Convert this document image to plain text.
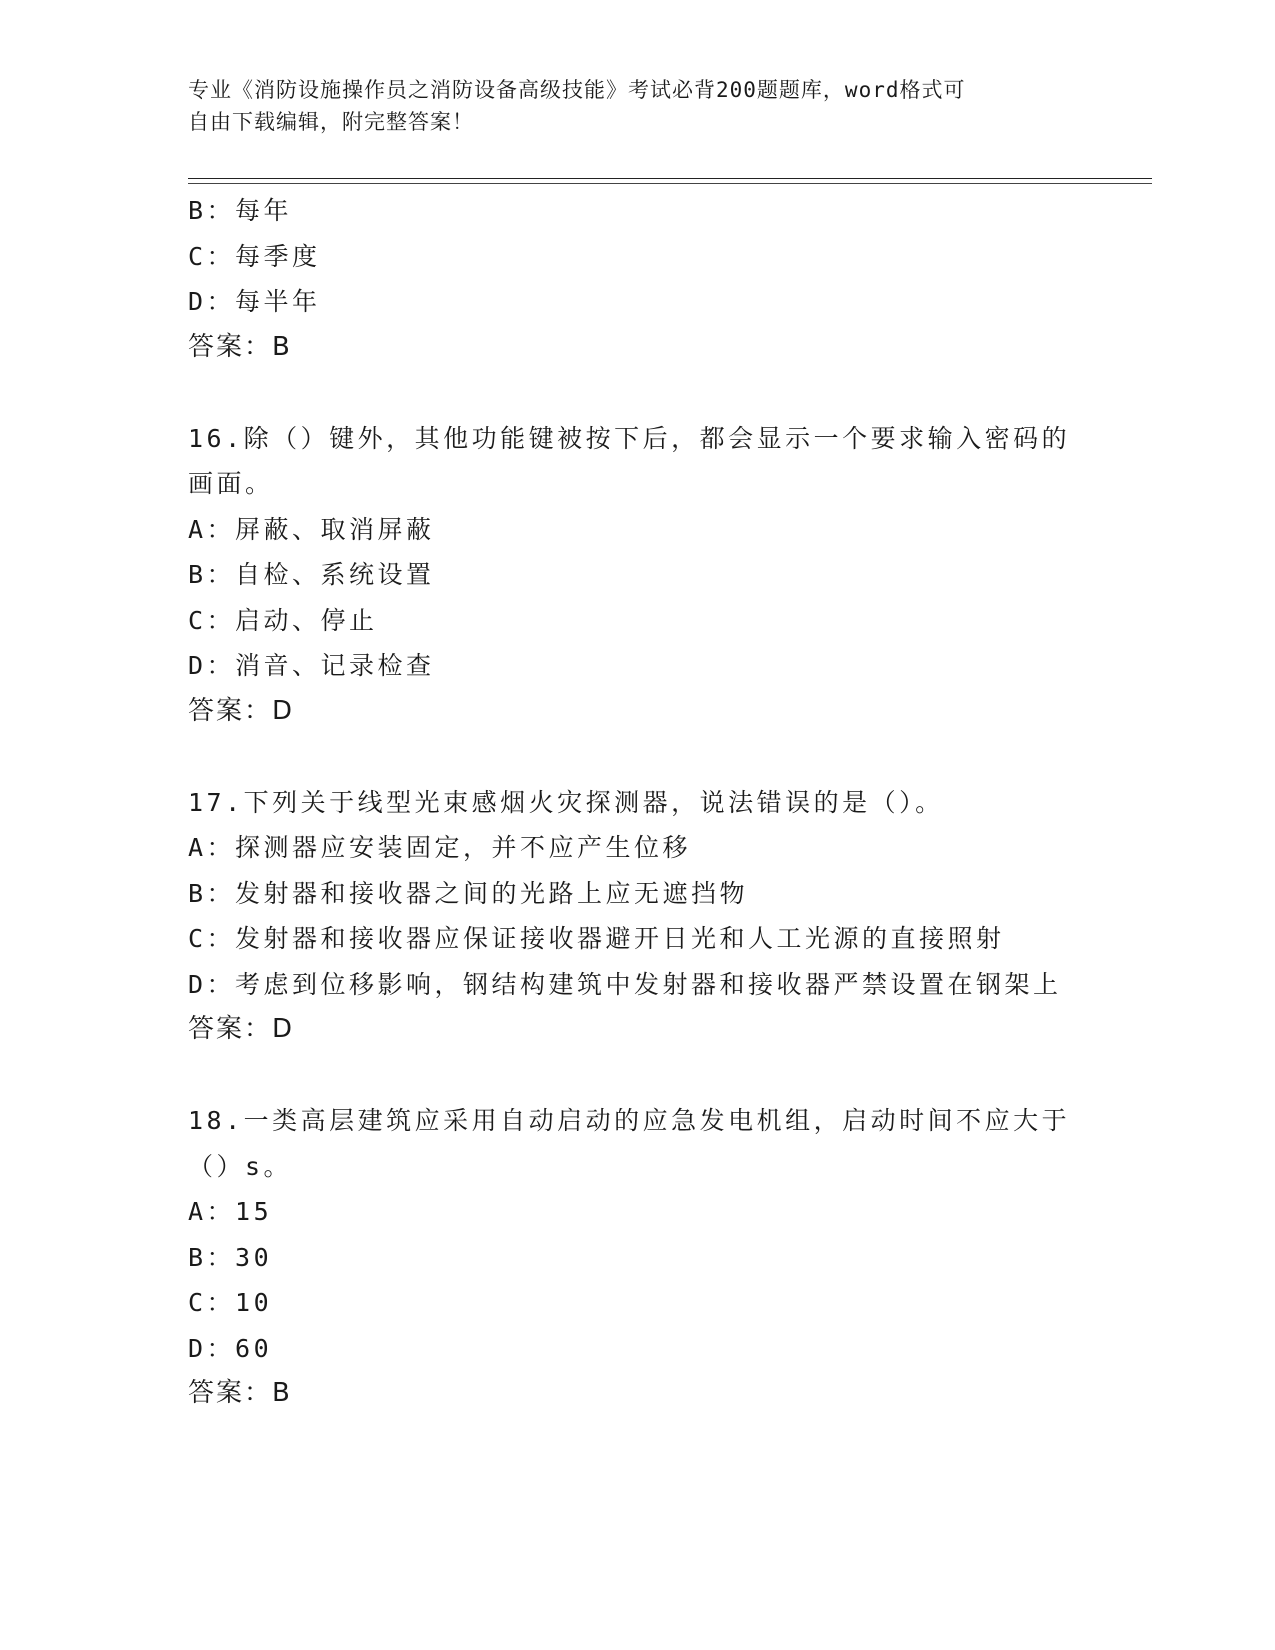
专业《消防设施操作员之消防设备高级技能》考试必背200题题库，word格式可
自由下载编辑，附完整答案！
B：每年
C：每季度
D：每半年
答案：B
16.除（）键外，其他功能键被按下后，都会显示一个要求输入密码的
画面。
A：屏蔽、取消屏蔽
B：自检、系统设置
C：启动、停止
D：消音、记录检查
答案：D
17.下列关于线型光束感烟火灾探测器，说法错误的是（）。
A：探测器应安装固定，并不应产生位移
B：发射器和接收器之间的光路上应无遮挡物
C：发射器和接收器应保证接收器避开日光和人工光源的直接照射
D：考虑到位移影响，钢结构建筑中发射器和接收器严禁设置在钢架上
答案：D
18.一类高层建筑应采用自动启动的应急发电机组，启动时间不应大于
（）s。
A：15
B：30
C：10
D：60
答案：B
